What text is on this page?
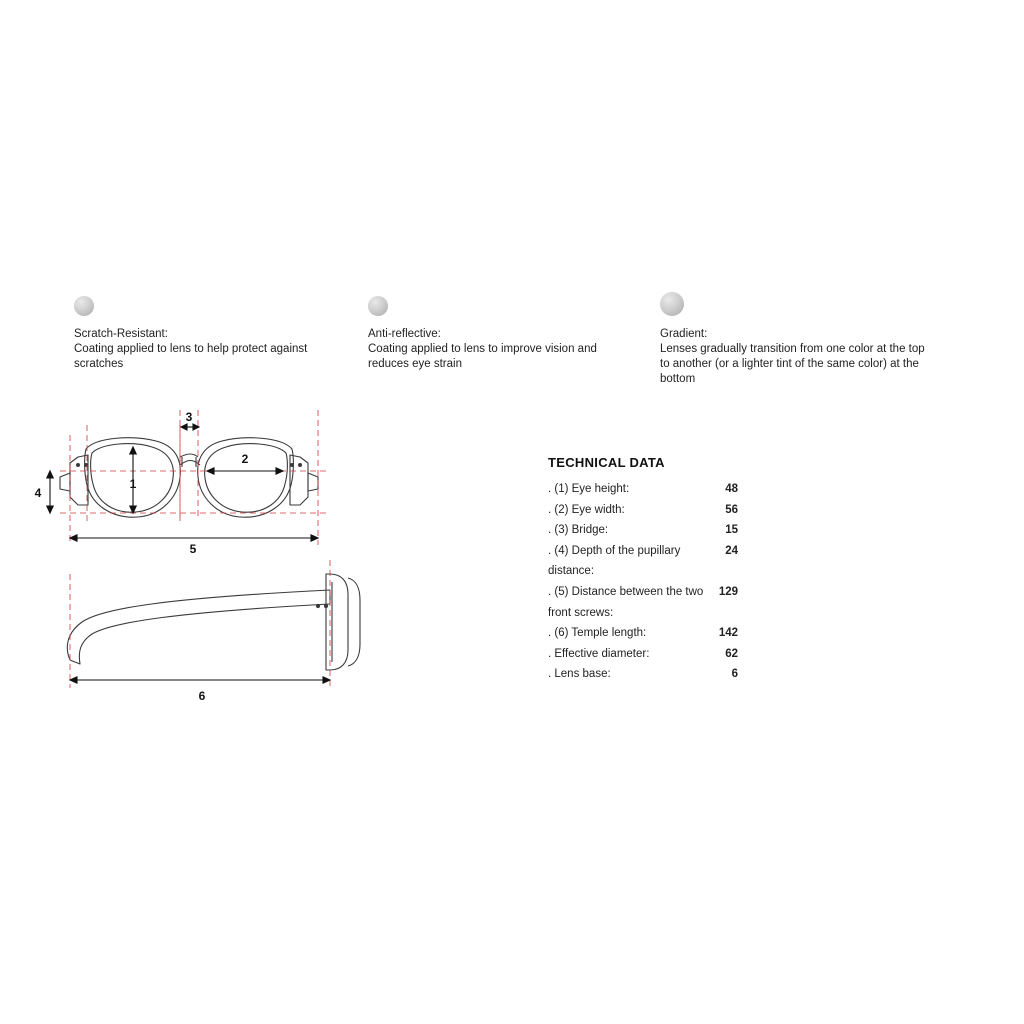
Scratch-Resistant:
Coating applied to lens to help protect against scratches
Anti-reflective:
Coating applied to lens to improve vision and reduces eye strain
Gradient:
Lenses gradually transition from one color at the top to another (or a lighter tint of the same color) at the bottom
3
5
4
1
2
6
TECHNICAL DATA
. (1) Eye height:	48
. (2) Eye width:	56
. (3) Bridge:	15
. (4) Depth of the pupillary distance:
24
. (5) Distance between the two front screws:
129
. (6) Temple length:	142
. Effective diameter:	62
. Lens base:	6
